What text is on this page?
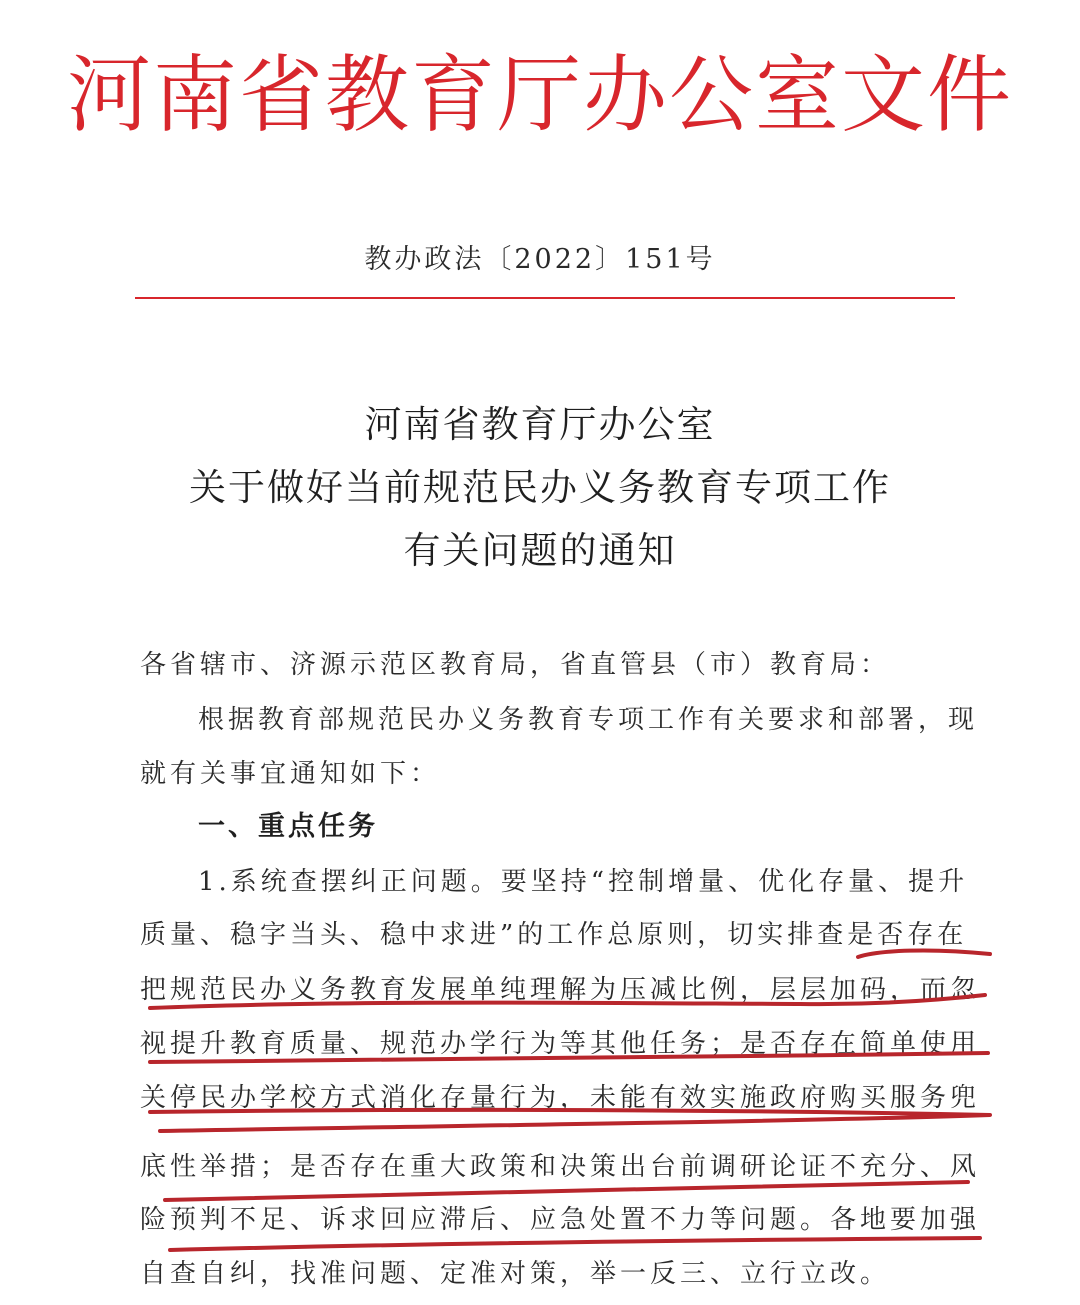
河南省教育厅办公室文件
教办政法〔2022〕151号
河南省教育厅办公室
关于做好当前规范民办义务教育专项工作
有关问题的通知
各省辖市、济源示范区教育局，省直管县（市）教育局：
根据教育部规范民办义务教育专项工作有关要求和部署，现
就有关事宜通知如下：
一、重点任务
1.系统查摆纠正问题。要坚持“控制增量、优化存量、提升
质量、稳字当头、稳中求进”的工作总原则，切实排查是否存在
把规范民办义务教育发展单纯理解为压减比例，层层加码，而忽
视提升教育质量、规范办学行为等其他任务；是否存在简单使用
关停民办学校方式消化存量行为，未能有效实施政府购买服务兜
底性举措；是否存在重大政策和决策出台前调研论证不充分、风
险预判不足、诉求回应滞后、应急处置不力等问题。各地要加强
自查自纠，找准问题、定准对策，举一反三、立行立改。
